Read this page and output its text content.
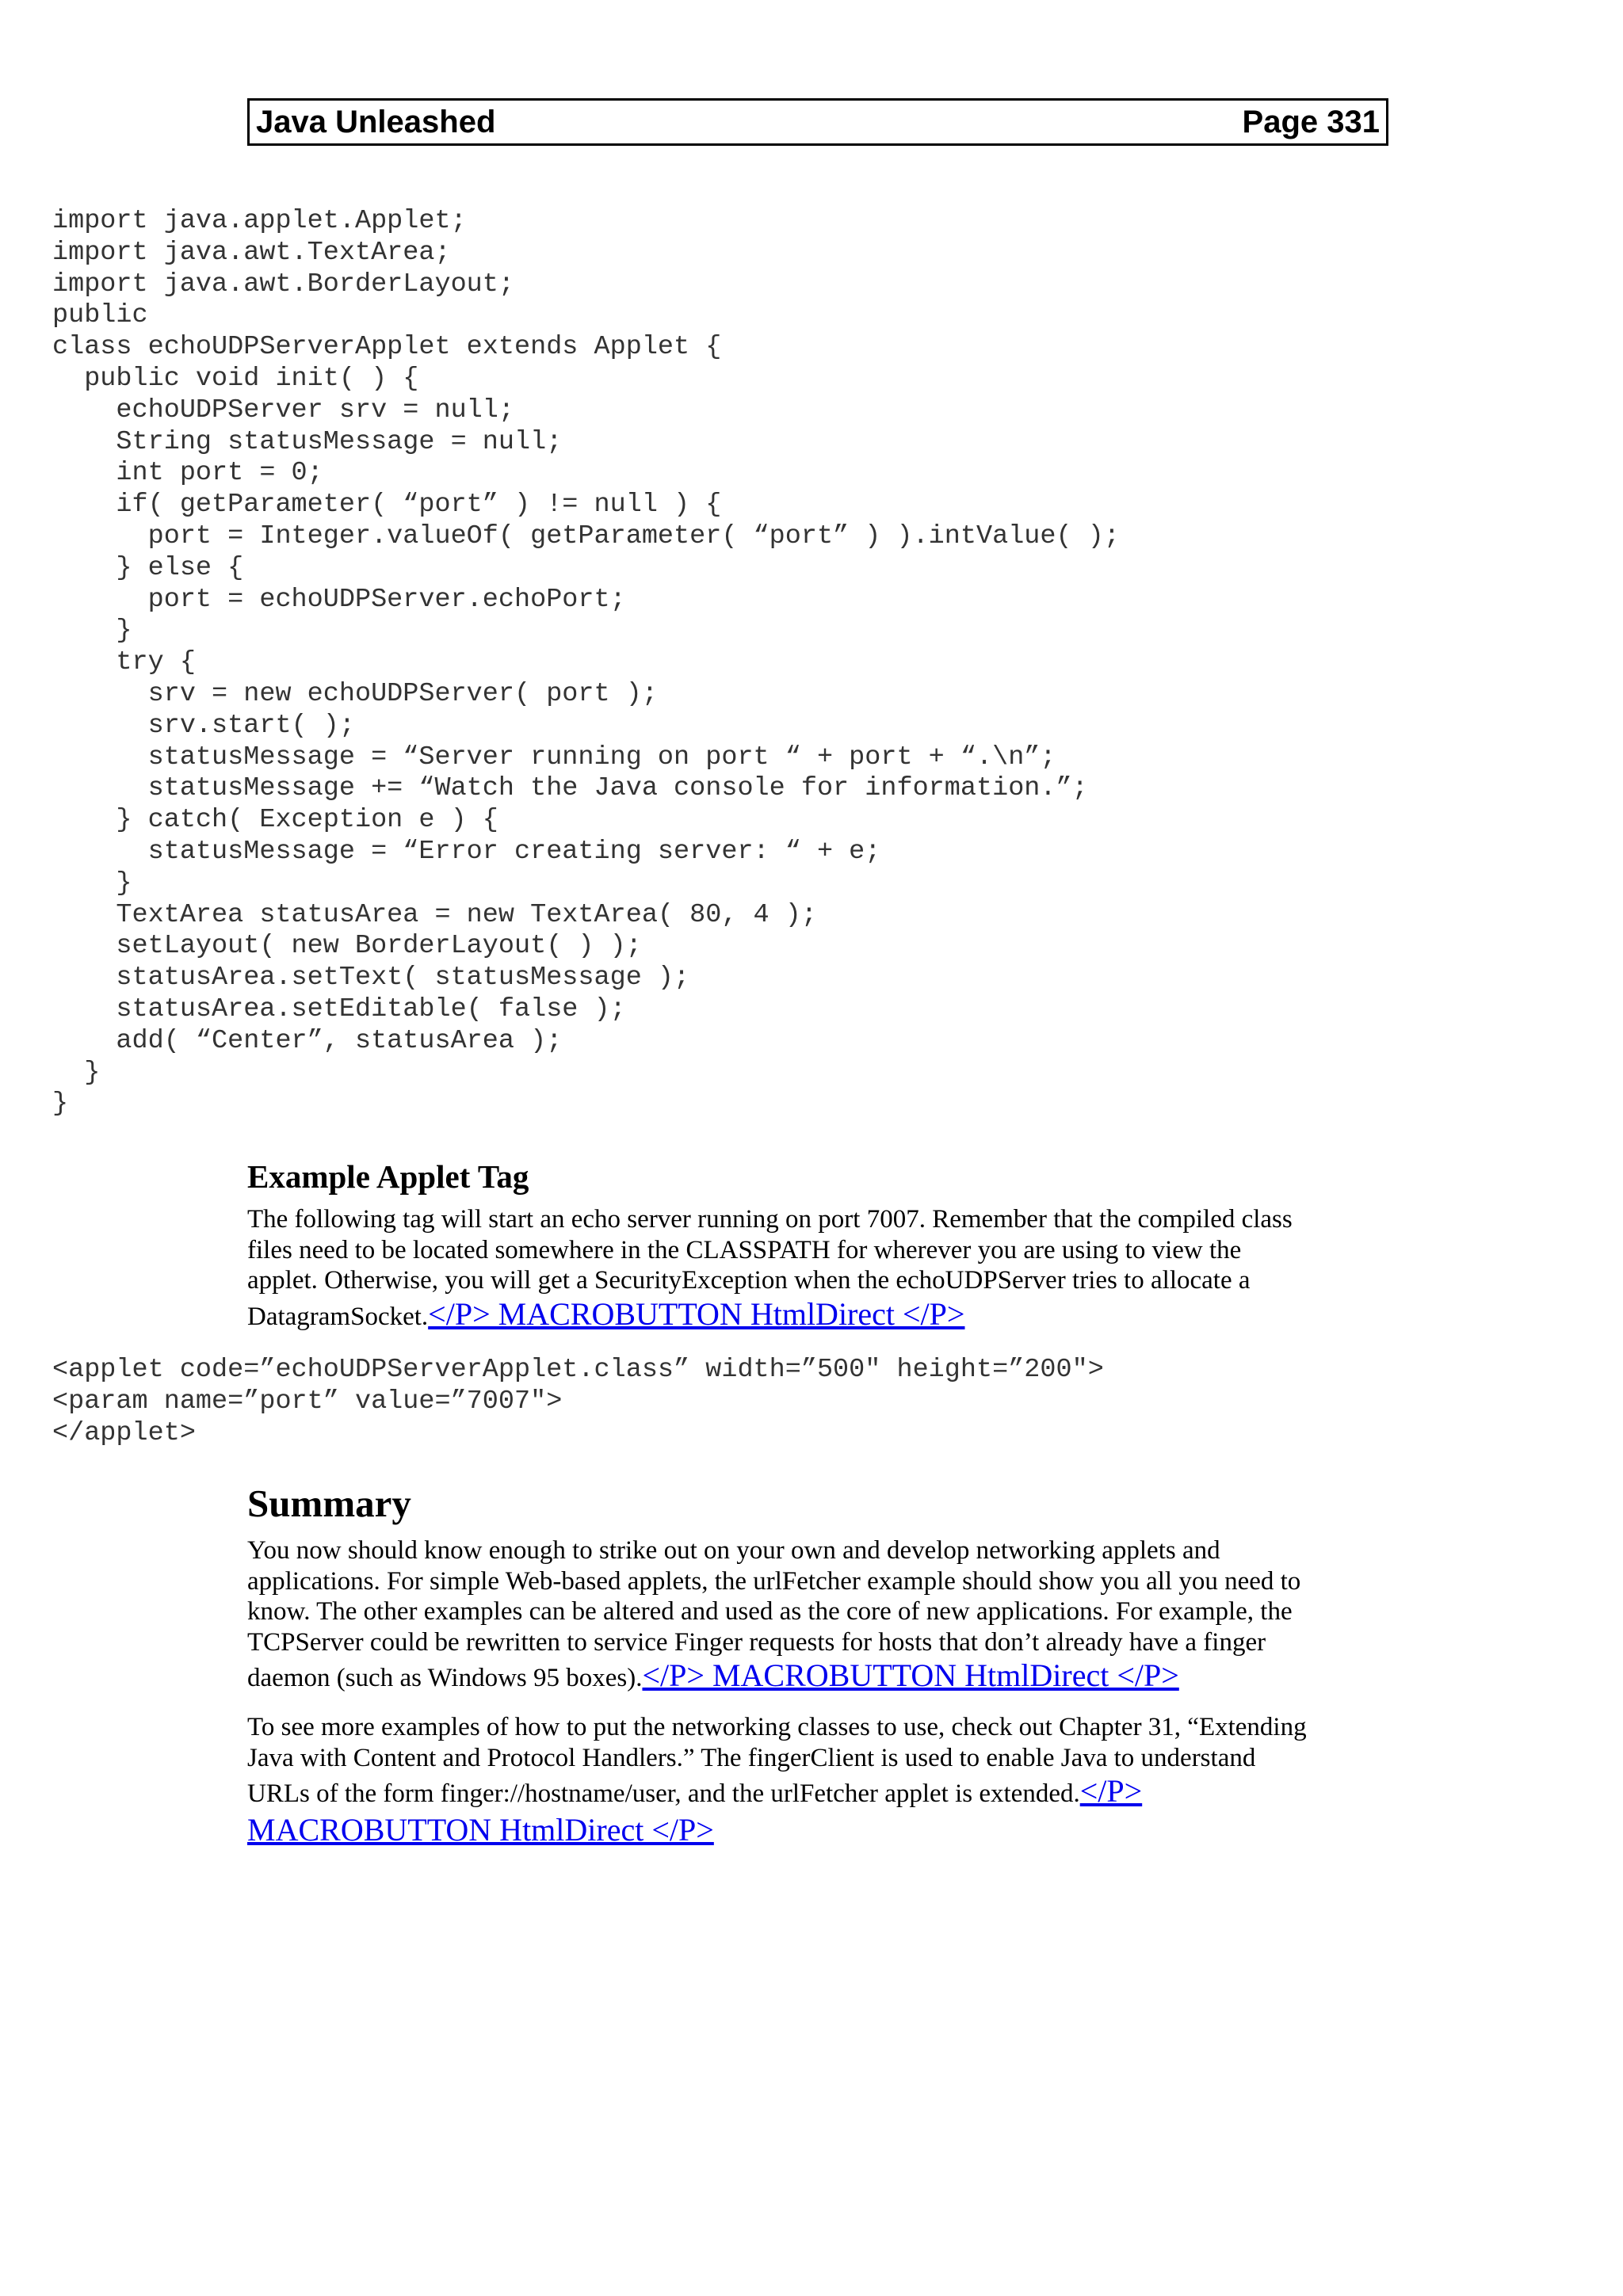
Java Unleashed	Page 331
import java.applet.Applet;
import java.awt.TextArea;
import java.awt.BorderLayout;
public
class echoUDPServerApplet extends Applet {
public void init( ) {
echoUDPServer srv = null;
String statusMessage = null;
int port = 0;
if( getParameter( “port” ) != null ) {
port = Integer.valueOf( getParameter( “port” ) ).intValue( );
} else {
port = echoUDPServer.echoPort;
}
try {
srv = new echoUDPServer( port );
srv.start( );
statusMessage = “Server running on port “ + port + “.\n”;
statusMessage += “Watch the Java console for information.”;
} catch( Exception e ) {
statusMessage = “Error creating server: “ + e;
}
TextArea statusArea = new TextArea( 80, 4 );
setLayout( new BorderLayout( ) );
statusArea.setText( statusMessage );
statusArea.setEditable( false );
add( “Center”, statusArea );
}
}
Example Applet Tag
The following tag will start an echo server running on port 7007. Remember that the compiled class
files need to be located somewhere in the CLASSPATH for wherever you are using to view the
applet. Otherwise, you will get a SecurityException when the echoUDPServer tries to allocate a
DatagramSocket.</P> MACROBUTTON HtmlDirect </P>
<applet code=”echoUDPServerApplet.class” width=”500" height=”200">
<param name=”port” value=”7007">
</applet>
Summary
You now should know enough to strike out on your own and develop networking applets and
applications. For simple Web-based applets, the urlFetcher example should show you all you need to
know. The other examples can be altered and used as the core of new applications. For example, the
TCPServer could be rewritten to service Finger requests for hosts that don’t already have a finger
daemon (such as Windows 95 boxes).</P> MACROBUTTON HtmlDirect </P>
To see more examples of how to put the networking classes to use, check out Chapter 31, “Extending
Java with Content and Protocol Handlers.” The fingerClient is used to enable Java to understand
URLs of the form finger://hostname/user, and the urlFetcher applet is extended.</P>
MACROBUTTON HtmlDirect </P>
